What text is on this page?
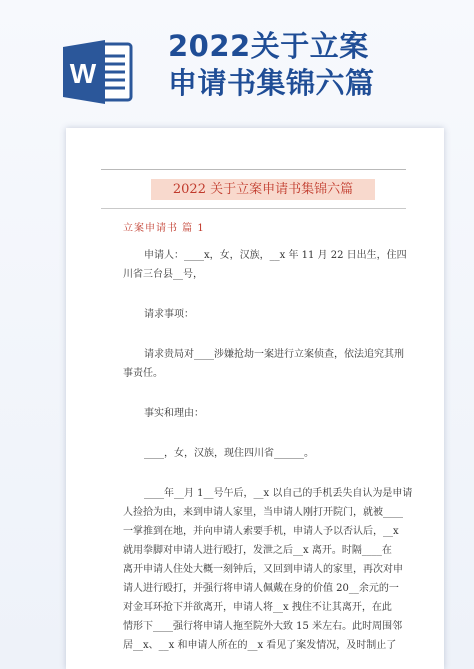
W
2022关于立案
申请书集锦六篇
2022 关于立案申请书集锦六篇
立案申请书 篇 1
申请人：____x，女，汉族，__x 年 11 月 22 日出生，住四
川省三台县__号，
请求事项：
请求贵局对____涉嫌抢劫一案进行立案侦查，依法追究其刑
事责任。
事实和理由：
____，女，汉族，现住四川省______。
____年__月 1__号午后，__x 以自己的手机丢失自认为是申请
人捡拾为由，来到申请人家里，当申请人刚打开院门，就被____
一掌推到在地，并向申请人索要手机，申请人予以否认后，__x
就用拳脚对申请人进行殴打，发泄之后__x 离开。时隔____在
离开申请人住处大概一刻钟后，又回到申请人的家里，再次对申
请人进行殴打，并强行将申请人佩戴在身的价值 20__余元的一
对金耳环抢下并欲离开，申请人将__x 拽住不让其离开，在此
情形下____强行将申请人拖至院外大致 15 米左右。此时周围邻
居__x、__x 和申请人所在的__x 看见了案发情况，及时制止了
